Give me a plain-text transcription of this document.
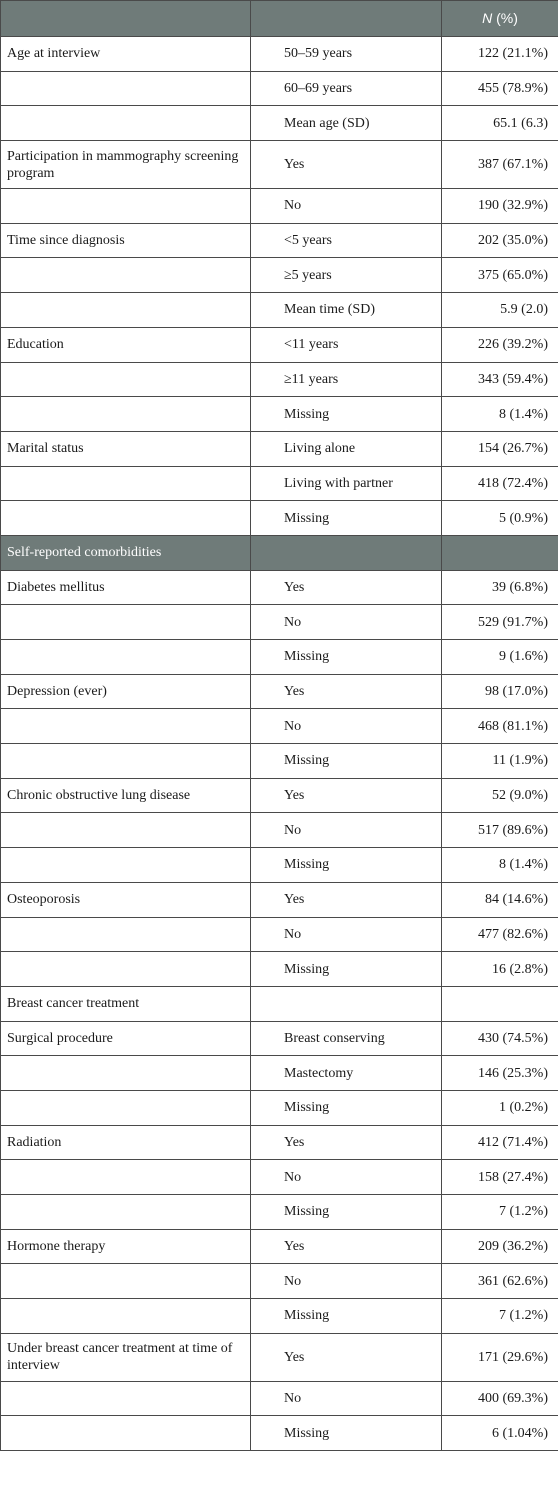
		N (%)
Age at interview	50–59 years	122 (21.1%)
	60–69 years	455 (78.9%)
	Mean age (SD)	65.1 (6.3)
Participation in mammography screening program	Yes	387 (67.1%)
	No	190 (32.9%)
Time since diagnosis	<5 years	202 (35.0%)
	≥5 years	375 (65.0%)
	Mean time (SD)	5.9 (2.0)
Education	<11 years	226 (39.2%)
	≥11 years	343 (59.4%)
	Missing	8 (1.4%)
Marital status	Living alone	154 (26.7%)
	Living with partner	418 (72.4%)
	Missing	5 (0.9%)
Self-reported comorbidities		
Diabetes mellitus	Yes	39 (6.8%)
	No	529 (91.7%)
	Missing	9 (1.6%)
Depression (ever)	Yes	98 (17.0%)
	No	468 (81.1%)
	Missing	11 (1.9%)
Chronic obstructive lung disease	Yes	52 (9.0%)
	No	517 (89.6%)
	Missing	8 (1.4%)
Osteoporosis	Yes	84 (14.6%)
	No	477 (82.6%)
	Missing	16 (2.8%)
Breast cancer treatment		
Surgical procedure	Breast conserving	430 (74.5%)
	Mastectomy	146 (25.3%)
	Missing	1 (0.2%)
Radiation	Yes	412 (71.4%)
	No	158 (27.4%)
	Missing	7 (1.2%)
Hormone therapy	Yes	209 (36.2%)
	No	361 (62.6%)
	Missing	7 (1.2%)
Under breast cancer treatment at time of interview	Yes	171 (29.6%)
	No	400 (69.3%)
	Missing	6 (1.04%)
